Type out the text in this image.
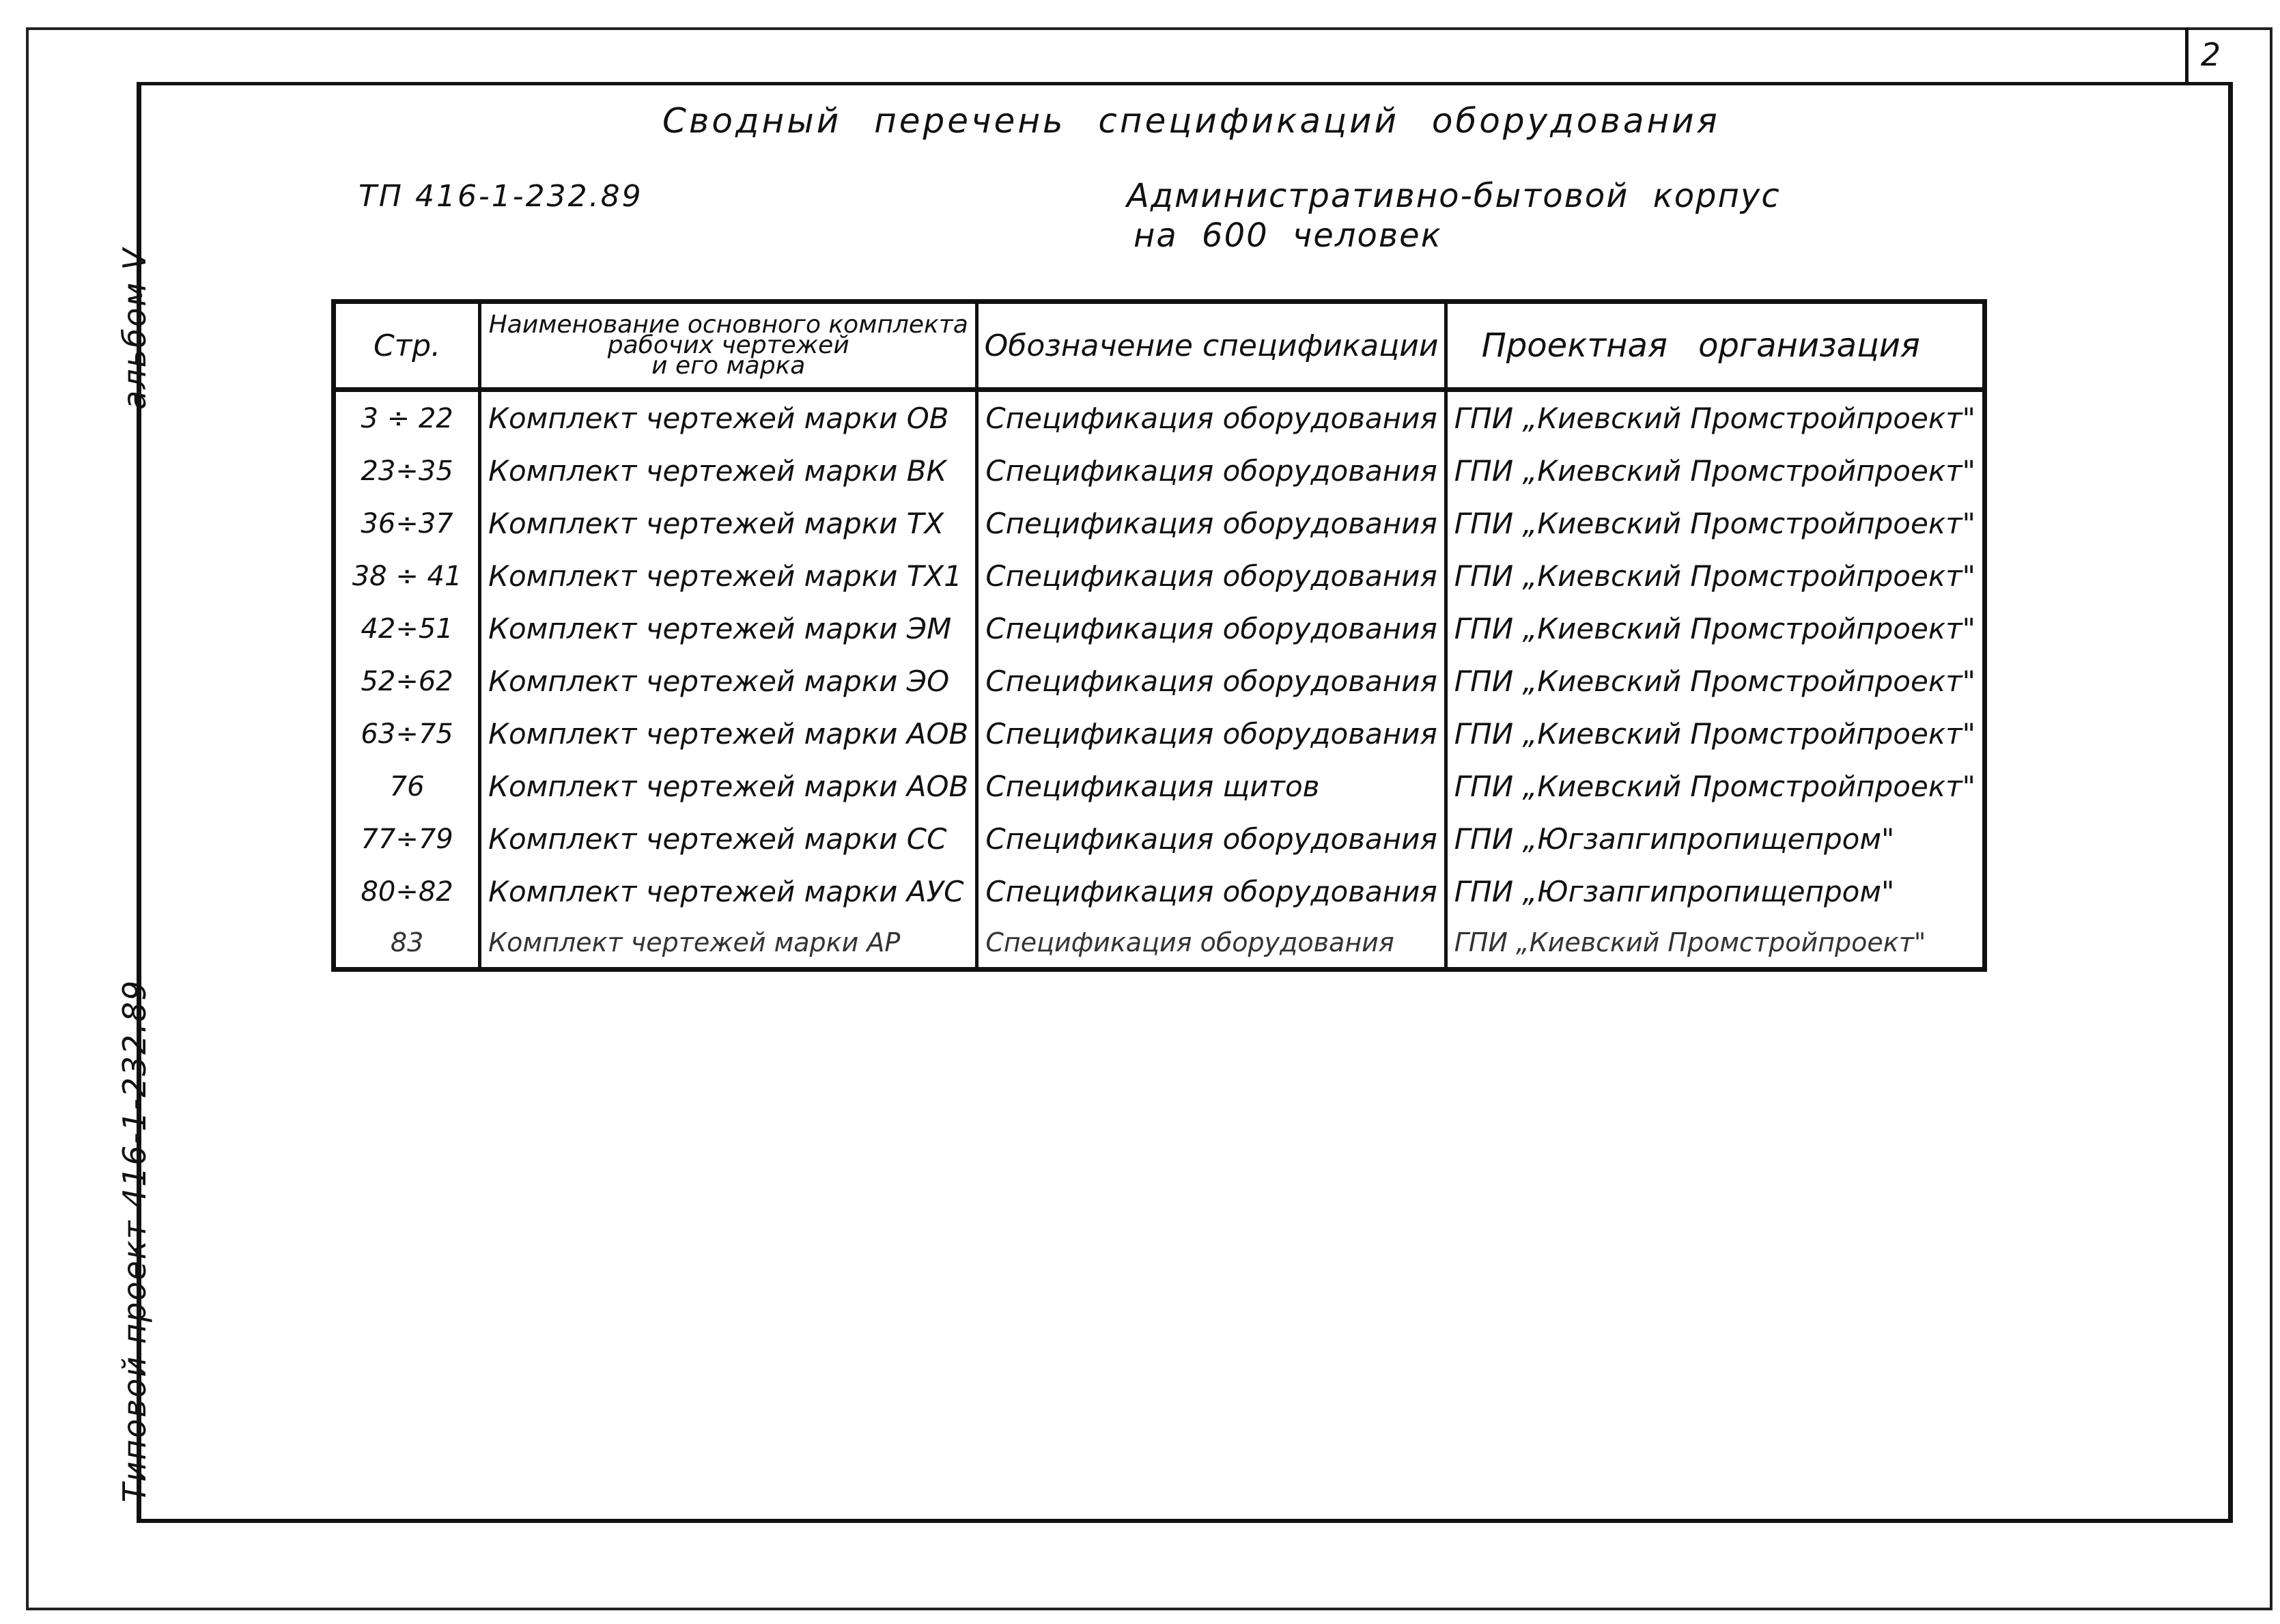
2
альбом V
Типовой проект 416-1-232.89
Сводный перечень спецификаций оборудования
ТП 416-1-232.89	Административно-бытовой корпус
на 600 человек
Стр.	Наименование основного комплекта
рабочих чертежей
и его марка	Обозначение спецификации	Проектная организация
3 ÷ 22	Комплект чертежей марки ОВ	Спецификация оборудования	ГПИ „Киевский Промстройпроект"
23÷35	Комплект чертежей марки ВК	Спецификация оборудования	ГПИ „Киевский Промстройпроект"
36÷37	Комплект чертежей марки ТХ	Спецификация оборудования	ГПИ „Киевский Промстройпроект"
38 ÷ 41	Комплект чертежей марки ТХ1	Спецификация оборудования	ГПИ „Киевский Промстройпроект"
42÷51	Комплект чертежей марки ЭМ	Спецификация оборудования	ГПИ „Киевский Промстройпроект"
52÷62	Комплект чертежей марки ЭО	Спецификация оборудования	ГПИ „Киевский Промстройпроект"
63÷75	Комплект чертежей марки АОВ	Спецификация оборудования	ГПИ „Киевский Промстройпроект"
76	Комплект чертежей марки АОВ	Спецификация щитов	ГПИ „Киевский Промстройпроект"
77÷79	Комплект чертежей марки СС	Спецификация оборудования	ГПИ „Югзапгипропищепром"
80÷82	Комплект чертежей марки АУС	Спецификация оборудования	ГПИ „Югзапгипропищепром"
83	Комплект чертежей марки АР	Спецификация оборудования	ГПИ „Киевский Промстройпроект"
